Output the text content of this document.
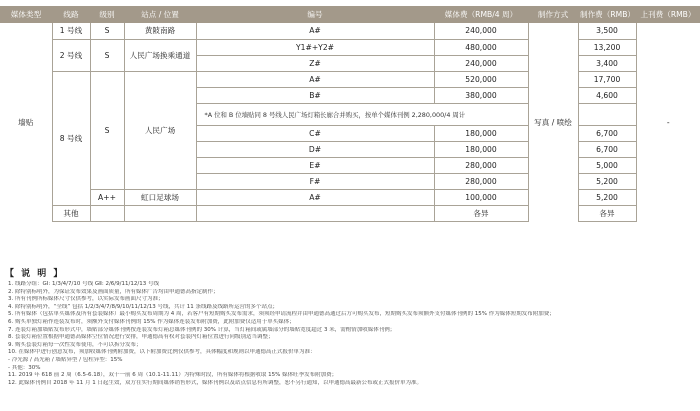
媒体类型	线路	级别	站点 / 位置	编号	媒体费（RMB/4 周）	制作方式	制作费（RMB）	上刊费（RMB）
墙贴	1 号线	S	黄陂南路	A#	240,000	写真 / 喷绘	3,500	-
	2 号线	S	人民广场换乘通道	Y1#+Y2#	480,000		13,200	
				Z#	240,000		3,400	
	8 号线	S	人民广场	A#	520,000		17,700	
				B#	380,000		4,600	
				*A 位和 B 位墙贴同 8 号线人民广场灯箱长廊合并购买，按单个媒体刊例 2,280,000/4 周计				
				C#	180,000		6,700	
				D#	180,000		6,700	
				E#	280,000		5,000	
				F#	280,000		5,200	
		A++	虹口足球场	A#	100,000		5,200	
	其他				各异		各异	
【 说 明 】
1. 线路分组：GⅠ: 1/3/4/7/10 号线 GⅡ: 2/6/9/11/12/13 号线
2. 除特别标明外，为保证发布效果及画面质量，所有媒体广告均由申通德高指定制作；
3. 所有刊例所标媒体尺寸仅供参考，以实际发布画面尺寸为准；
4. 除特别标明外，“全线” 包括 1/2/3/4/7/8/9/10/11/12/13 号线，共计 11 条线路及线路所运营的多个站点；
5. 所有媒体（包括单买媒体及所有套装媒体）最小购买发布周期为 4 周，若客户有短期购买发布需求，须须经申请流程并由申通德高通过后方可购买发布，短期购买发布须额外支付媒体刊例的 15% 作为媒体短期发布附加费；
6. 购买单独灯箱作连装发布时，须额外支付媒体刊例的 15% 作为媒体连装发布附加费，此附加费仅适用于单买媒体；
7. 连装灯箱加墙贴发布形式中，墙贴部分媒体刊例按连装发布灯箱总媒体刊例的 30% 计算，当灯箱间或属墙部分的墙贴宽度超过 3 米，需酌情加收媒体刊例；
8. 套装灯箱位置根据申通德高媒体空位情况进行安排，申通德高有权对套装内灯箱位置进行同级别适当调整；
9. 购买套装灯箱每一次性发布使用，不可以拆分发布；
10. 在媒体中进行创意发布，须加收媒体刊例附加费，以下附加费比例仅供参考，具体幅度和规则以申通德高正式报价单为准：
- 冷光源 / 高光箱 / 墙贴异型 / 包柱异型：15%
- 其他：30%
11. 2019 年 618 前 2 周（6.5-6.18），双十一前 6 周（10.1-11.11）为特殊时段，所有媒体将根据收取 15% 媒体旺季发布附加费；
12. 此媒体刊例自 2018 年 11 月 1 日起生效，双方在实行期间媒体销售形式，媒体刊例以及站点信息有所调整，恕不另行通知，以申通德高最新公布或正式报价单为准。
